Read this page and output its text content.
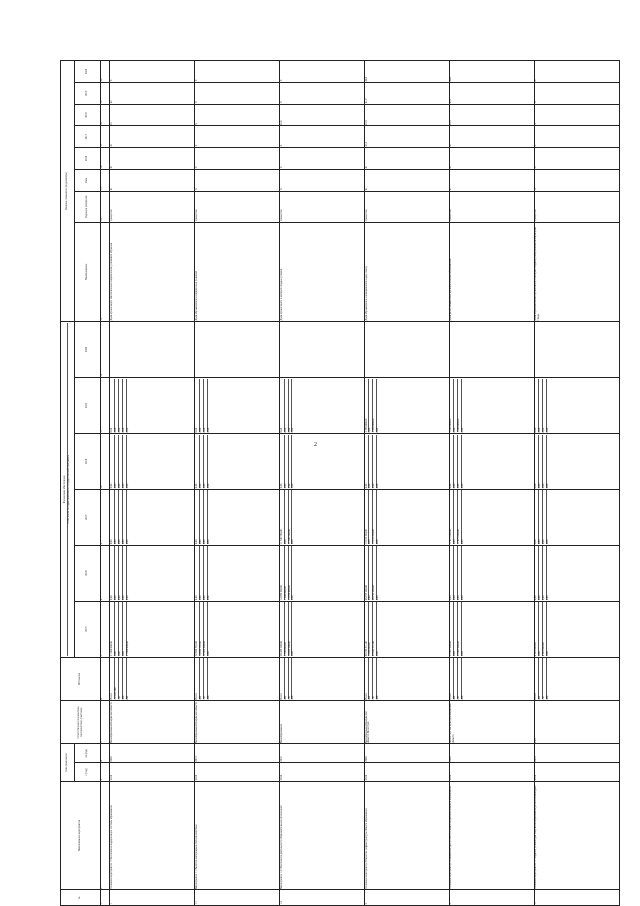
2
№	Наименование мероприятия	Срок реализации		Ответственный исполнитель, соисполнители, участники	Источники	Финансовое обеспечение в том числе по годам реализации государственной программы						Целевые показатели (индикаторы)							
		с (год)	по (год)			2015	2016	2017	2018	2019	2020	Наименование	Единица измерения	База	2016	2017	2018	2019	2020
1	2	3	4	5	6	7	8	9	10	11	12	13	14	15	16	17	18	19	20
1	Основное мероприятие 1 Обеспечение модернизации системы образования	2016	2020	Минобразования Калужской области	Всего из них: ФБ ОБ МБ ВИ	21 000 000,00 0,00 0,00 0,00 21 000 000,00	0,00 0,00 0,00 0,00 0,00	0,00 0,00 0,00 0,00 0,00	0,00 0,00 0,00 0,00 0,00	0,00 0,00 0,00 0,00 0,00		Доля организаций, обеспеченных современными условиями обучения	процентов	41	41	41	41	42	X
1.1	Мероприятие 1.1 Развитие материально-технической базы	2016	2015	Минобразования Калужской области	Всего ФБ ОБ МБ	52 654 792,00 14 962 792,00 37 692 000,00 0,00	0,00 0,00 0,00 0,00	0,00 0,00 0,00 0,00	0,00 0,00 0,00 0,00	0,00 0,00 0,00 0,00		Доля обучающихся в современных условиях	процентов	X	X	X	X	X	X
1.2	Мероприятие 1.2 Обеспечение деятельности образовательных организаций	2016	2019	Минобразования	Всего ФБ ОБ МБ	26 439 200,00 9 780 000,00 16 659 200,00 0,00	14 780 000,00 1 000 000,00 13 780 000,00 0,00	11 549 500,00 0,00 11 549 500,00 0,00	0,00 0,00 0,00 0,00	0,00 0,00 0,00 0,00		Доля организаций, в которых созданы условия	процентов	X	X	X	41,9	X	X
2	Основное мероприятие 2 Развитие инфраструктуры общего образования	2016	2020	Минобразования Калужской области, Минстрой	Всего ФБ ОБ МБ	65 743 511,00 3 900 000,00 61 843 511,00 0,00	26 755 200,00 0,00 26 755 200,00 0,00	13 915 320,00 0,00 13 915 320,00 0,00	0,00 0,00 0,00 0,00	2 336 000,00 0,00 2 336 000,00 0,00		Доля обучающихся, занимающихся в одну смену	процентов	41	41	41,2	41,5	41,7	40,3
3	Основное мероприятие 3 Повышение доступности и качества дополнительного образования	2016	2020	Министерство культуры Калужской области	Всего ФБ ОБ МБ	23 497 000,00 0,00 23 497 000,00 0,00	0,00 0,00 0,00 0,00	11 477 000,00 0,00 11 477 000,00 0,00	0,00 0,00 0,00 0,00	1 000 000,00 0,00 1 000 000,00 0,00		Доля детей, охваченных дополнительным образованием	процентов	41	41	41	41,3	41,7	40,5
11	Основное мероприятие 11 Создание условий для получения образования детьми-инвалидами	2016	2018	ГКУ	Всего ФБ ОБ МБ	4 095 000,00 0,00 4 095 000,00 0,00	0,00 0,00 0,00 0,00	0,00 0,00 0,00 0,00	0,00 0,00 0,00 0,00	0,00 0,00 0,00 0,00		Доля образовательных организаций, в которых создана универсальная безбарьерная среда	процентов	X	X	X	X	X	X
